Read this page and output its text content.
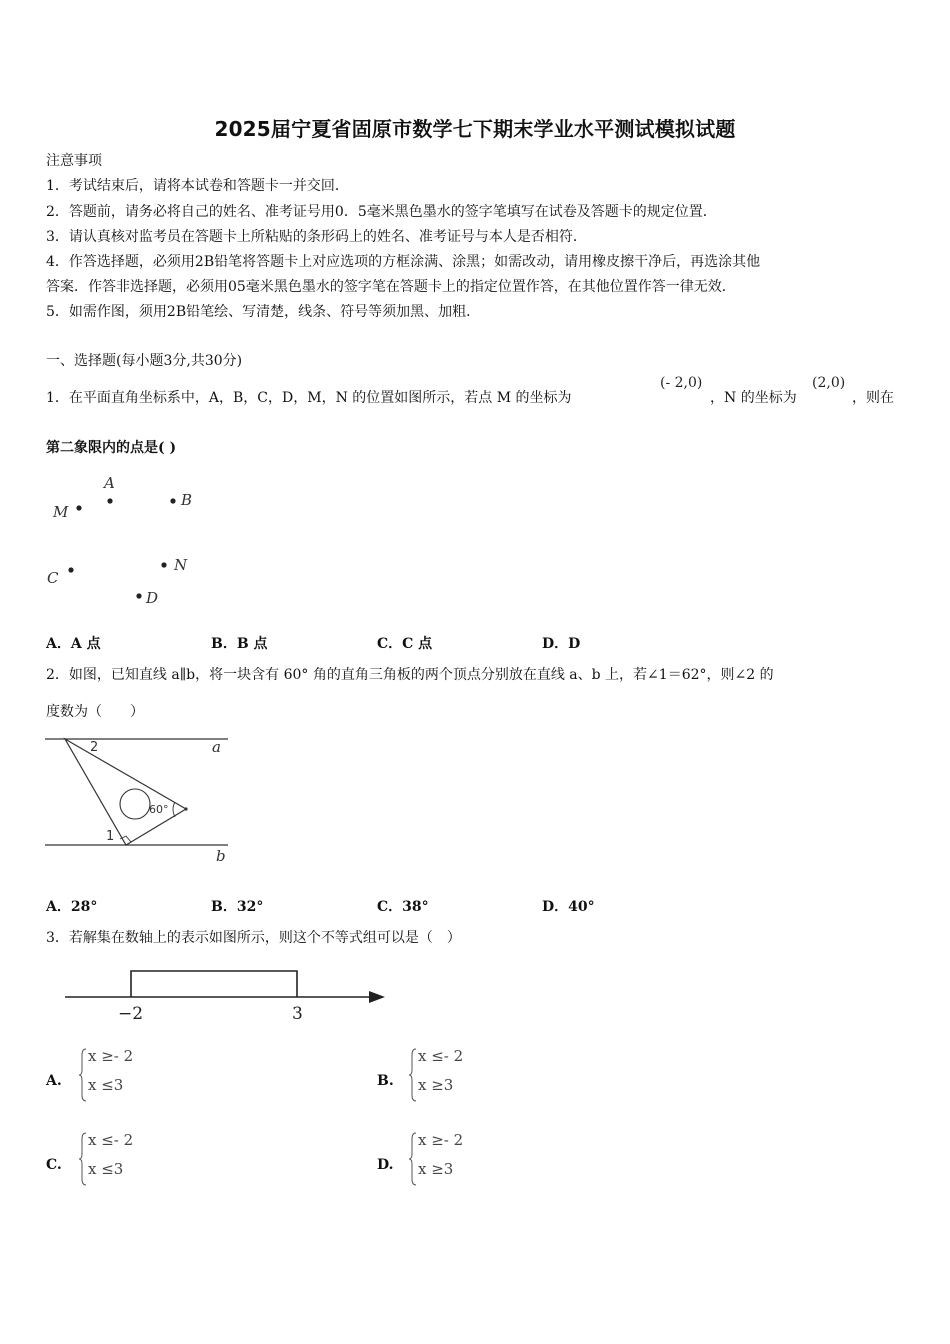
2025届宁夏省固原市数学七下期末学业水平测试模拟试题
注意事项
1．考试结束后，请将本试卷和答题卡一并交回．
2．答题前，请务必将自己的姓名、准考证号用0．5毫米黑色墨水的签字笔填写在试卷及答题卡的规定位置．
3．请认真核对监考员在答题卡上所粘贴的条形码上的姓名、准考证号与本人是否相符．
4．作答选择题，必须用2B铅笔将答题卡上对应选项的方框涂满、涂黑；如需改动，请用橡皮擦干净后，再选涂其他
答案．作答非选择题，必须用05毫米黑色墨水的签字笔在答题卡上的指定位置作答，在其他位置作答一律无效．
5．如需作图，须用2B铅笔绘、写清楚，线条、符号等须加黑、加粗．
一、选择题(每小题3分,共30分)
1．在平面直角坐标系中，A，B，C，D，M，N 的位置如图所示，若点 M 的坐标为
(- 2,0)
，N 的坐标为
(2,0)
，则在
第二象限内的点是( )
A
B
M
C
N
D
A．A 点	B．B 点	C．C 点	D．D
2．如图，已知直线 a∥b，将一块含有 60° 角的直角三角板的两个顶点分别放在直线 a、b 上，若∠1＝62°，则∠2 的
度数为（　　）
60°
2
1
a
b
A．28°	B．32°	C．38°	D．40°
3．若解集在数轴上的表示如图所示，则这个不等式组可以是（　）
−2	3
A.
x ≥- 2
x ≤3	B.
x ≤- 2
x ≥3
C.
x ≤- 2
x ≤3	D.
x ≥- 2
x ≥3
